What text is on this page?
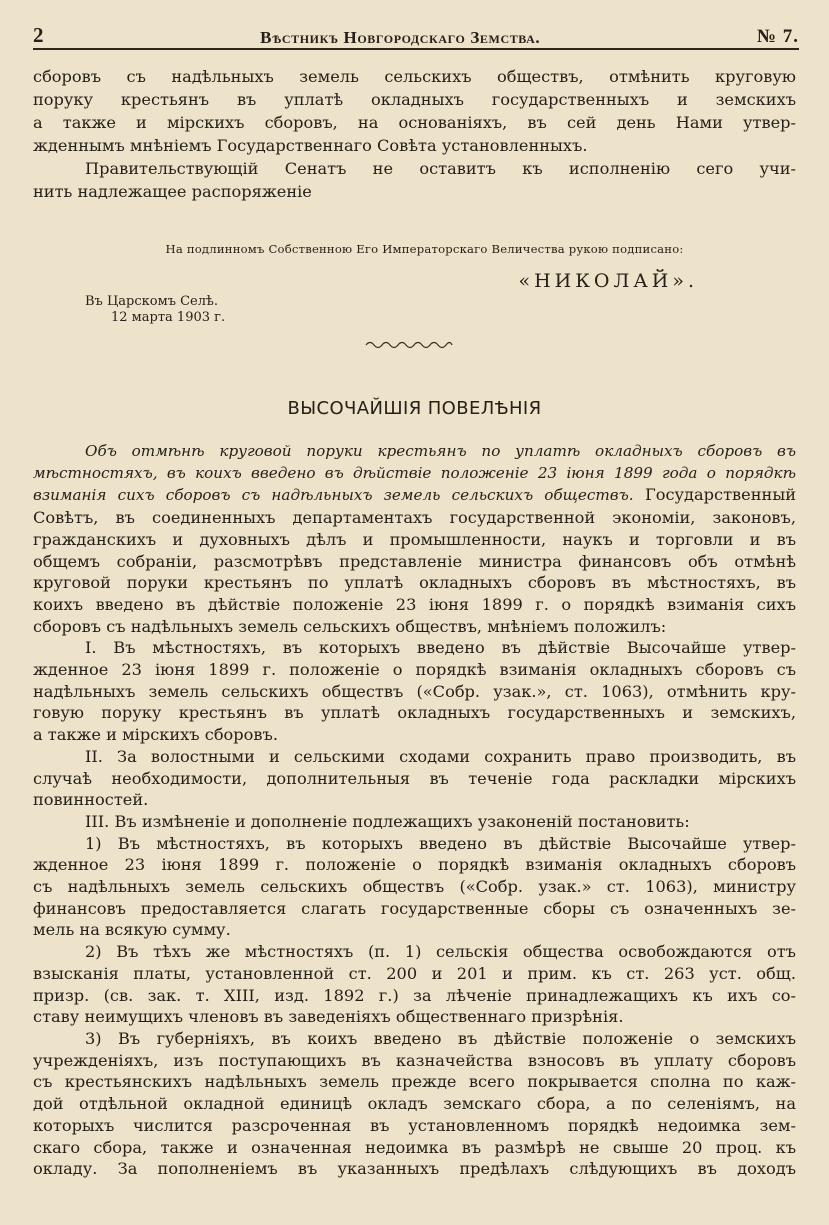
2	Вѣстникъ Новгородскаго Земства.	№ 7.
сборовъ съ надѣльныхъ земель сельскихъ обществъ, отмѣнить круговую
поруку крестьянъ въ уплатѣ окладныхъ государственныхъ и земскихъ
а также и мірскихъ сборовъ, на основаніяхъ, въ сей день Нами утвер-
жденнымъ мнѣніемъ Государственнаго Совѣта установленныхъ.
Правительствующій Сенатъ не оставитъ къ исполненію сего учи-
нить надлежащее распоряженіе
На подлинномъ Собственною Его Императорскаго Величества рукою подписано:
«НИКОЛАЙ».
Въ Царскомъ Селѣ.
12 марта 1903 г.
ВЫСОЧАЙШІЯ ПОВЕЛѢНІЯ
Объ отмѣнѣ круговой поруки крестьянъ по уплатѣ окладныхъ сборовъ въ
мѣстностяхъ, въ коихъ введено въ дѣйствіе положеніе 23 іюня 1899 года о порядкѣ
взиманія сихъ сборовъ съ надѣльныхъ земель сельскихъ обществъ. Государственный
Совѣтъ, въ соединенныхъ департаментахъ государственной экономіи, законовъ,
гражданскихъ и духовныхъ дѣлъ и промышленности, наукъ и торговли и въ
общемъ собраніи, разсмотрѣвъ представленіе министра финансовъ объ отмѣнѣ
круговой поруки крестьянъ по уплатѣ окладныхъ сборовъ въ мѣстностяхъ, въ
коихъ введено въ дѣйствіе положеніе 23 іюня 1899 г. о порядкѣ взиманія сихъ
сборовъ съ надѣльныхъ земель сельскихъ обществъ, мнѣніемъ положилъ:
I. Въ мѣстностяхъ, въ которыхъ введено въ дѣйствіе Высочайше утвер-
жденное 23 іюня 1899 г. положеніе о порядкѣ взиманія окладныхъ сборовъ съ
надѣльныхъ земель сельскихъ обществъ («Собр. узак.», ст. 1063), отмѣнить кру-
говую поруку крестьянъ въ уплатѣ окладныхъ государственныхъ и земскихъ,
а также и мірскихъ сборовъ.
II. За волостными и сельскими сходами сохранить право производить, въ
случаѣ необходимости, дополнительныя въ теченіе года раскладки мірскихъ
повинностей.
III. Въ измѣненіе и дополненіе подлежащихъ узаконеній постановить:
1) Въ мѣстностяхъ, въ которыхъ введено въ дѣйствіе Высочайше утвер-
жденное 23 іюня 1899 г. положеніе о порядкѣ взиманія окладныхъ сборовъ
съ надѣльныхъ земель сельскихъ обществъ («Собр. узак.» ст. 1063), министру
финансовъ предоставляется слагать государственные сборы съ означенныхъ зе-
мель на всякую сумму.
2) Въ тѣхъ же мѣстностяхъ (п. 1) сельскія общества освобождаются отъ
взысканія платы, установленной ст. 200 и 201 и прим. къ ст. 263 уст. общ.
призр. (св. зак. т. XIII, изд. 1892 г.) за лѣченіе принадлежащихъ къ ихъ со-
ставу неимущихъ членовъ въ заведеніяхъ общественнаго призрѣнія.
3) Въ губерніяхъ, въ коихъ введено въ дѣйствіе положеніе о земскихъ
учрежденіяхъ, изъ поступающихъ въ казначейства взносовъ въ уплату сборовъ
съ крестьянскихъ надѣльныхъ земель прежде всего покрывается сполна по каж-
дой отдѣльной окладной единицѣ окладъ земскаго сбора, а по селеніямъ, на
которыхъ числится разсроченная въ установленномъ порядкѣ недоимка зем-
скаго сбора, также и означенная недоимка въ размѣрѣ не свыше 20 проц. къ
окладу. За пополненіемъ въ указанныхъ предѣлахъ слѣдующихъ въ доходъ
